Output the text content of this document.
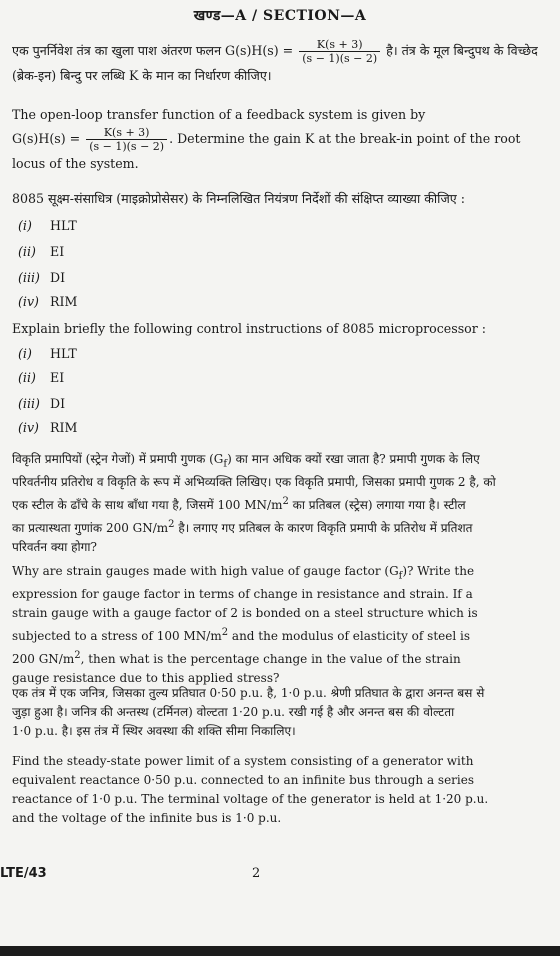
खण्ड—A / SECTION—A
एक पुनर्निवेश तंत्र का खुला पाश अंतरण फलन $G(s)H(s) = \frac{K(s + 3)}{(s - 1)(s - 2)}$ है। तंत्र के मूल बिन्दुपथ के विच्छेद
(ब्रेक-इन) बिन्दु पर लब्धि K के मान का निर्धारण कीजिए।
The open-loop transfer function of a feedback system is given by
$G(s)H(s) = \frac{K(s + 3)}{(s - 1)(s - 2)}$ . Determine the gain K at the break-in point of the root
locus of the system.
8085 सूक्ष्म-संसाधित्र (माइक्रोप्रोसेसर) के निम्नलिखित नियंत्रण निर्देशों की संक्षिप्त व्याख्या कीजिए :
(i) HLT
(ii) EI
(iii) DI
(iv) RIM
Explain briefly the following control instructions of 8085 microprocessor :
(i) HLT
(ii) EI
(iii) DI
(iv) RIM
विकृति प्रमापियों (स्ट्रेन गेजों) में प्रमापी गुणक $(G_f)$ का मान अधिक क्यों रखा जाता है? प्रमापी गुणक के लिए
परिवर्तनीय प्रतिरोध व विकृति के रूप में अभिव्यक्ति लिखिए। एक विकृति प्रमापी, जिसका प्रमापी गुणक 2 है, को
एक स्टील के ढाँचे के साथ बाँधा गया है, जिसमें 100 $MN/m^2$ का प्रतिबल (स्ट्रेस) लगाया गया है। स्टील
का प्रत्यास्थता गुणांक 200 $GN/m^2$ है। लगाए गए प्रतिबल के कारण विकृति प्रमापी के प्रतिरोध में प्रतिशत
परिवर्तन क्या होगा?
Why are strain gauges made with high value of gauge factor $(G_f)$? Write the
expression for gauge factor in terms of change in resistance and strain. If a
strain gauge with a gauge factor of 2 is bonded on a steel structure which is
subjected to a stress of 100 $MN/m^2$ and the modulus of elasticity of steel is
200 $GN/m^2$, then what is the percentage change in the value of the strain
gauge resistance due to this applied stress?
एक तंत्र में एक जनित्र, जिसका तुल्य प्रतिघात 0·50 p.u. है, 1·0 p.u. श्रेणी प्रतिघात के द्वारा अनन्त बस से
जुड़ा हुआ है। जनित्र की अन्तस्थ (टर्मिनल) वोल्टता 1·20 p.u. रखी गई है और अनन्त बस की वोल्टता
1·0 p.u. है। इस तंत्र में स्थिर अवस्था की शक्ति सीमा निकालिए।
Find the steady-state power limit of a system consisting of a generator with
equivalent reactance 0·50 p.u. connected to an infinite bus through a series
reactance of 1·0 p.u. The terminal voltage of the generator is held at 1·20 p.u.
and the voltage of the infinite bus is 1·0 p.u.
LTE/43	2
